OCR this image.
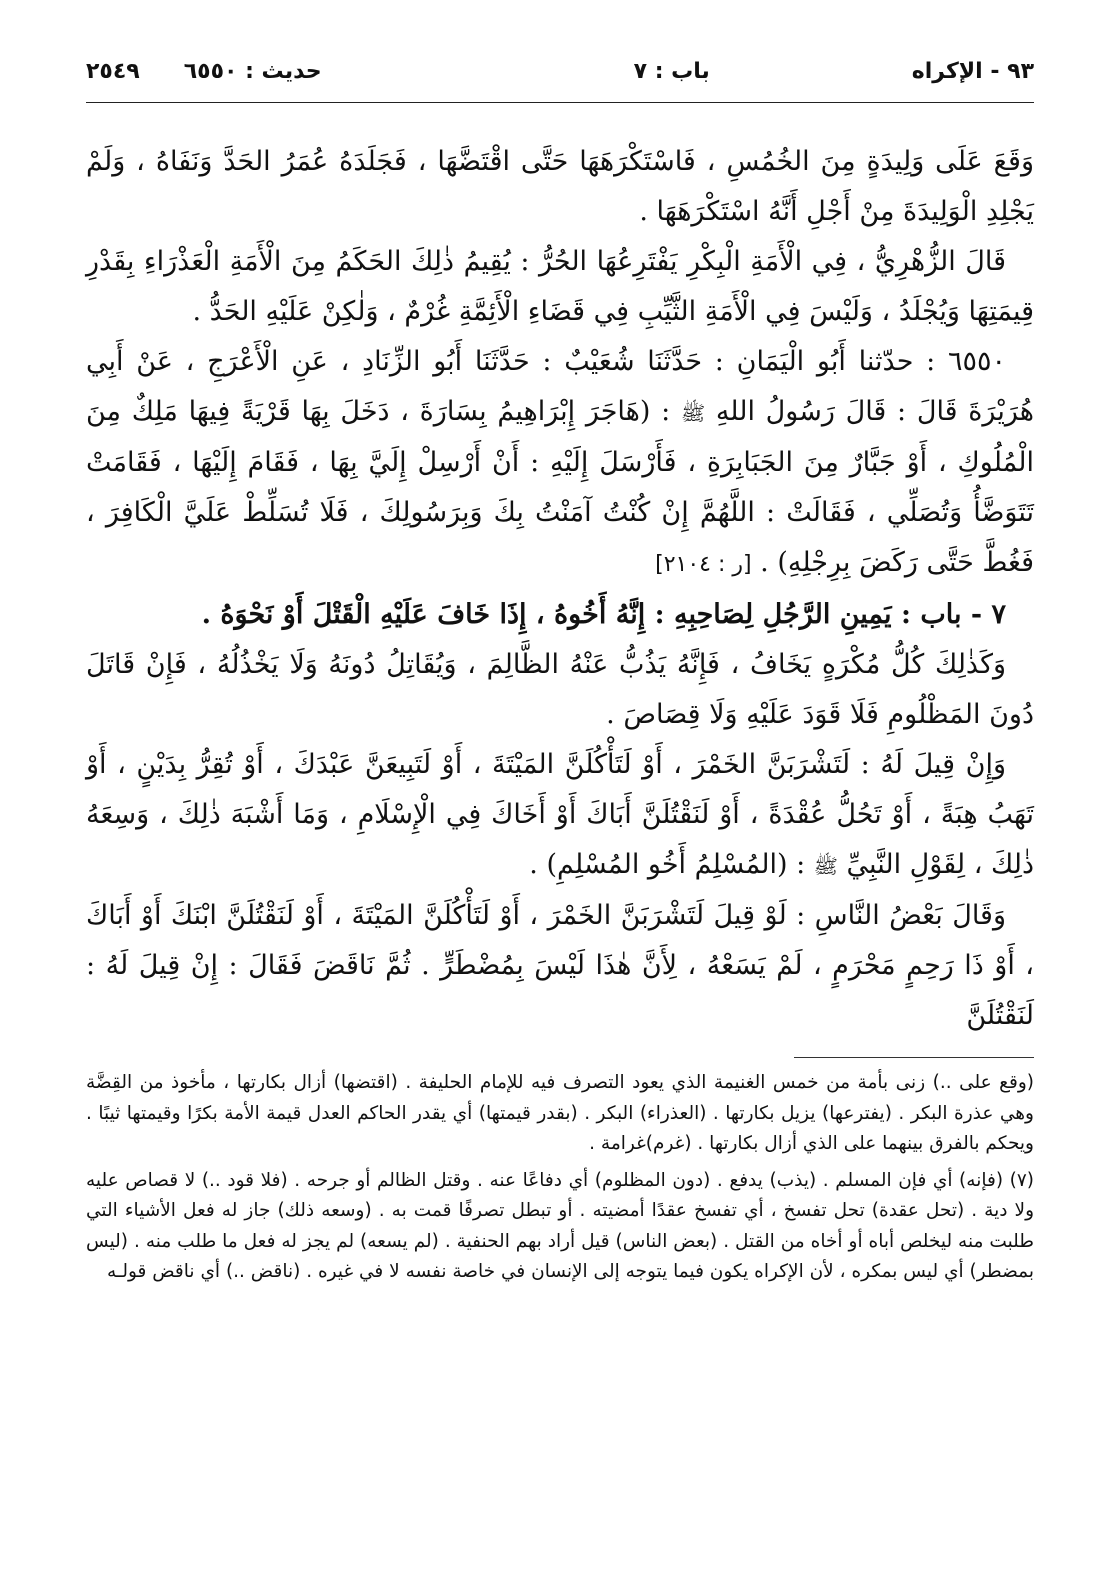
٩٣ - الإكراه
باب : ٧
حديث : ٦٥٥٠
٢٥٤٩

وَقَعَ عَلَى وَلِيدَةٍ مِنَ الخُمُسِ ، فَاسْتَكْرَهَهَا حَتَّى اقْتَضَّهَا ، فَجَلَدَهُ عُمَرُ الحَدَّ وَنَفَاهُ ، وَلَمْ يَجْلِدِ الْوَلِيدَةَ مِنْ أَجْلِ أَنَّهُ اسْتَكْرَهَهَا .

قَالَ الزُّهْرِيُّ ، فِي الْأَمَةِ الْبِكْرِ يَفْتَرِعُهَا الحُرُّ : يُقِيمُ ذٰلِكَ الحَكَمُ مِنَ الْأَمَةِ الْعَذْرَاءِ بِقَدْرِ قِيمَتِهَا وَيُجْلَدُ ، وَلَيْسَ فِي الْأَمَةِ الثَّيِّبِ فِي قَضَاءِ الْأَئِمَّةِ غُرْمٌ ، وَلٰكِنْ عَلَيْهِ الحَدُّ .

٦٥٥٠ : حدّثنا أَبُو الْيَمَانِ : حَدَّثَنَا شُعَيْبٌ : حَدَّثَنَا أَبُو الزِّنَادِ ، عَنِ الْأَعْرَجِ ، عَنْ أَبِي هُرَيْرَةَ قَالَ : قَالَ رَسُولُ اللهِ ﷺ : (هَاجَرَ إِبْرَاهِيمُ بِسَارَةَ ، دَخَلَ بِهَا قَرْيَةً فِيهَا مَلِكٌ مِنَ الْمُلُوكِ ، أَوْ جَبَّارٌ مِنَ الجَبَابِرَةِ ، فَأَرْسَلَ إِلَيْهِ : أَنْ أَرْسِلْ إِلَيَّ بِهَا ، فَقَامَ إِلَيْهَا ، فَقَامَتْ تَتَوَضَّأُ وَتُصَلِّي ، فَقَالَتْ : اللَّهُمَّ إِنْ كُنْتُ آمَنْتُ بِكَ وَبِرَسُولِكَ ، فَلَا تُسَلِّطْ عَلَيَّ الْكَافِرَ ، فَغُطَّ حَتَّى رَكَضَ بِرِجْلِهِ) . [ر : ٢١٠٤]

٧ - باب : يَمِينِ الرَّجُلِ لِصَاحِبِهِ : إِنَّهُ أَخُوهُ ، إِذَا خَافَ عَلَيْهِ الْقَتْلَ أَوْ نَحْوَهُ .

وَكَذٰلِكَ كُلُّ مُكْرَهٍ يَخَافُ ، فَإِنَّهُ يَذُبُّ عَنْهُ الظَّالِمَ ، وَيُقَاتِلُ دُونَهُ وَلَا يَخْذُلُهُ ، فَإِنْ قَاتَلَ دُونَ المَظْلُومِ فَلَا قَوَدَ عَلَيْهِ وَلَا قِصَاصَ .

وَإِنْ قِيلَ لَهُ : لَتَشْرَبَنَّ الخَمْرَ ، أَوْ لَتَأْكُلَنَّ المَيْتَةَ ، أَوْ لَتَبِيعَنَّ عَبْدَكَ ، أَوْ تُقِرُّ بِدَيْنٍ ، أَوْ تَهَبُ هِبَةً ، أَوْ تَحُلُّ عُقْدَةً ، أَوْ لَنَقْتُلَنَّ أَبَاكَ أَوْ أَخَاكَ فِي الْإِسْلَامِ ، وَمَا أَشْبَهَ ذٰلِكَ ، وَسِعَهُ ذٰلِكَ ، لِقَوْلِ النَّبِيِّ ﷺ : (المُسْلِمُ أَخُو المُسْلِمِ) .

وَقَالَ بَعْضُ النَّاسِ : لَوْ قِيلَ لَتَشْرَبَنَّ الخَمْرَ ، أَوْ لَتَأْكُلَنَّ المَيْتَةَ ، أَوْ لَنَقْتُلَنَّ ابْنَكَ أَوْ أَبَاكَ ، أَوْ ذَا رَحِمٍ مَحْرَمٍ ، لَمْ يَسَعْهُ ، لِأَنَّ هٰذَا لَيْسَ بِمُضْطَرٍّ . ثُمَّ نَاقَضَ فَقَالَ : إِنْ قِيلَ لَهُ : لَنَقْتُلَنَّ

(وقع على ..) زنى بأمة من خمس الغنيمة الذي يعود التصرف فيه للإمام الحليفة . (اقتضها) أزال بكارتها ، مأخوذ من القِضَّة وهي عذرة البكر . (يفترعها) يزيل بكارتها . (العذراء) البكر . (بقدر قيمتها) أي يقدر الحاكم العدل قيمة الأمة بكرًا وقيمتها ثيبًا . ويحكم بالفرق بينهما على الذي أزال بكارتها . (غرم)غرامة .

(٧) (فإنه) أي فإن المسلم . (يذب) يدفع . (دون المظلوم) أي دفاعًا عنه . وقتل الظالم أو جرحه . (فلا قود ..) لا قصاص عليه ولا دية . (تحل عقدة) تحل تفسخ ، أي تفسخ عقدًا أمضيته . أو تبطل تصرفًا قمت به . (وسعه ذلك) جاز له فعل الأشياء التي طلبت منه ليخلص أباه أو أخاه من القتل . (بعض الناس) قيل أراد بهم الحنفية . (لم يسعه) لم يجز له فعل ما طلب منه . (ليس بمضطر) أي ليس بمكره ، لأن الإكراه يكون فيما يتوجه إلى الإنسان في خاصة نفسه لا في غيره . (ناقض ..) أي ناقض قولـه
